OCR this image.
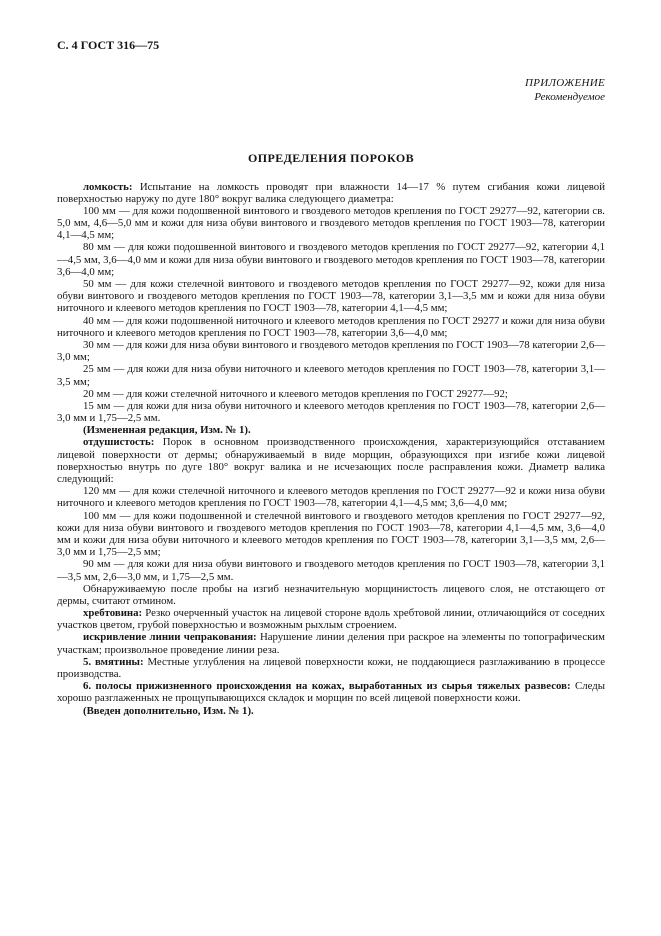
С. 4 ГОСТ 316—75
ПРИЛОЖЕНИЕ
Рекомендуемое
ОПРЕДЕЛЕНИЯ ПОРОКОВ

ломкость: Испытание на ломкость проводят при влажности 14—17 % путем сгибания кожи лицевой поверхностью наружу по дуге 180° вокруг валика следующего диаметра:

100 мм — для кожи подошвенной винтового и гвоздевого методов крепления по ГОСТ 29277—92, категории св. 5,0 мм, 4,6—5,0 мм и кожи для низа обуви винтового и гвоздевого методов крепления по ГОСТ 1903—78, категории 4,1—4,5 мм;

80 мм — для кожи подошвенной винтового и гвоздевого методов крепления по ГОСТ 29277—92, категории 4,1—4,5 мм, 3,6—4,0 мм и кожи для низа обуви винтового и гвоздевого методов крепления по ГОСТ 1903—78, категории 3,6—4,0 мм;

50 мм — для кожи стелечной винтового и гвоздевого методов крепления по ГОСТ 29277—92, кожи для низа обуви винтового и гвоздевого методов крепления по ГОСТ 1903—78, категории 3,1—3,5 мм и кожи для низа обуви ниточного и клеевого методов крепления по ГОСТ 1903—78, категории 4,1—4,5 мм;

40 мм — для кожи подошвенной ниточного и клеевого методов крепления по ГОСТ 29277 и кожи для низа обуви ниточного и клеевого методов крепления по ГОСТ 1903—78, категории 3,6—4,0 мм;

30 мм — для кожи для низа обуви винтового и гвоздевого методов крепления по ГОСТ 1903—78 категории 2,6—3,0 мм;

25 мм — для кожи для низа обуви ниточного и клеевого методов крепления по ГОСТ 1903—78, категории 3,1—3,5 мм;

20 мм — для кожи стелечной ниточного и клеевого методов крепления по ГОСТ 29277—92;

15 мм — для кожи для низа обуви ниточного и клеевого методов крепления по ГОСТ 1903—78, категории 2,6—3,0 мм и 1,75—2,5 мм.

(Измененная редакция, Изм. № 1).

отдушистость: Порок в основном производственного происхождения, характеризующийся отставанием лицевой поверхности от дермы; обнаруживаемый в виде морщин, образующихся при изгибе кожи лицевой поверхностью внутрь по дуге 180° вокруг валика и не исчезающих после расправления кожи. Диаметр валика следующий:

120 мм — для кожи стелечной ниточного и клеевого методов крепления по ГОСТ 29277—92 и кожи низа обуви ниточного и клеевого методов крепления по ГОСТ 1903—78, категории 4,1—4,5 мм; 3,6—4,0 мм;

100 мм — для кожи подошвенной и стелечной винтового и гвоздевого методов крепления по ГОСТ 29277—92, кожи для низа обуви винтового и гвоздевого методов крепления по ГОСТ 1903—78, категории 4,1—4,5 мм, 3,6—4,0 мм и кожи для низа обуви ниточного и клеевого методов крепления по ГОСТ 1903—78, категории 3,1—3,5 мм, 2,6—3,0 мм и 1,75—2,5 мм;

90 мм — для кожи для низа обуви винтового и гвоздевого методов крепления по ГОСТ 1903—78, категории 3,1—3,5 мм, 2,6—3,0 мм, и 1,75—2,5 мм.

Обнаруживаемую после пробы на изгиб незначительную морщинистость лицевого слоя, не отстающего от дермы, считают отмином.

хребтовина: Резко очерченный участок на лицевой стороне вдоль хребтовой линии, отличающийся от соседних участков цветом, грубой поверхностью и возможным рыхлым строением.

искривление линии чепракования: Нарушение линии деления при раскрое на элементы по топографическим участкам; произвольное проведение линии реза.

5. вмятины: Местные углубления на лицевой поверхности кожи, не поддающиеся разглаживанию в процессе производства.

6. полосы прижизненного происхождения на кожах, выработанных из сырья тяжелых развесов: Следы хорошо разглаженных не прощупывающихся складок и морщин по всей лицевой поверхности кожи.

(Введен дополнительно, Изм. № 1).
